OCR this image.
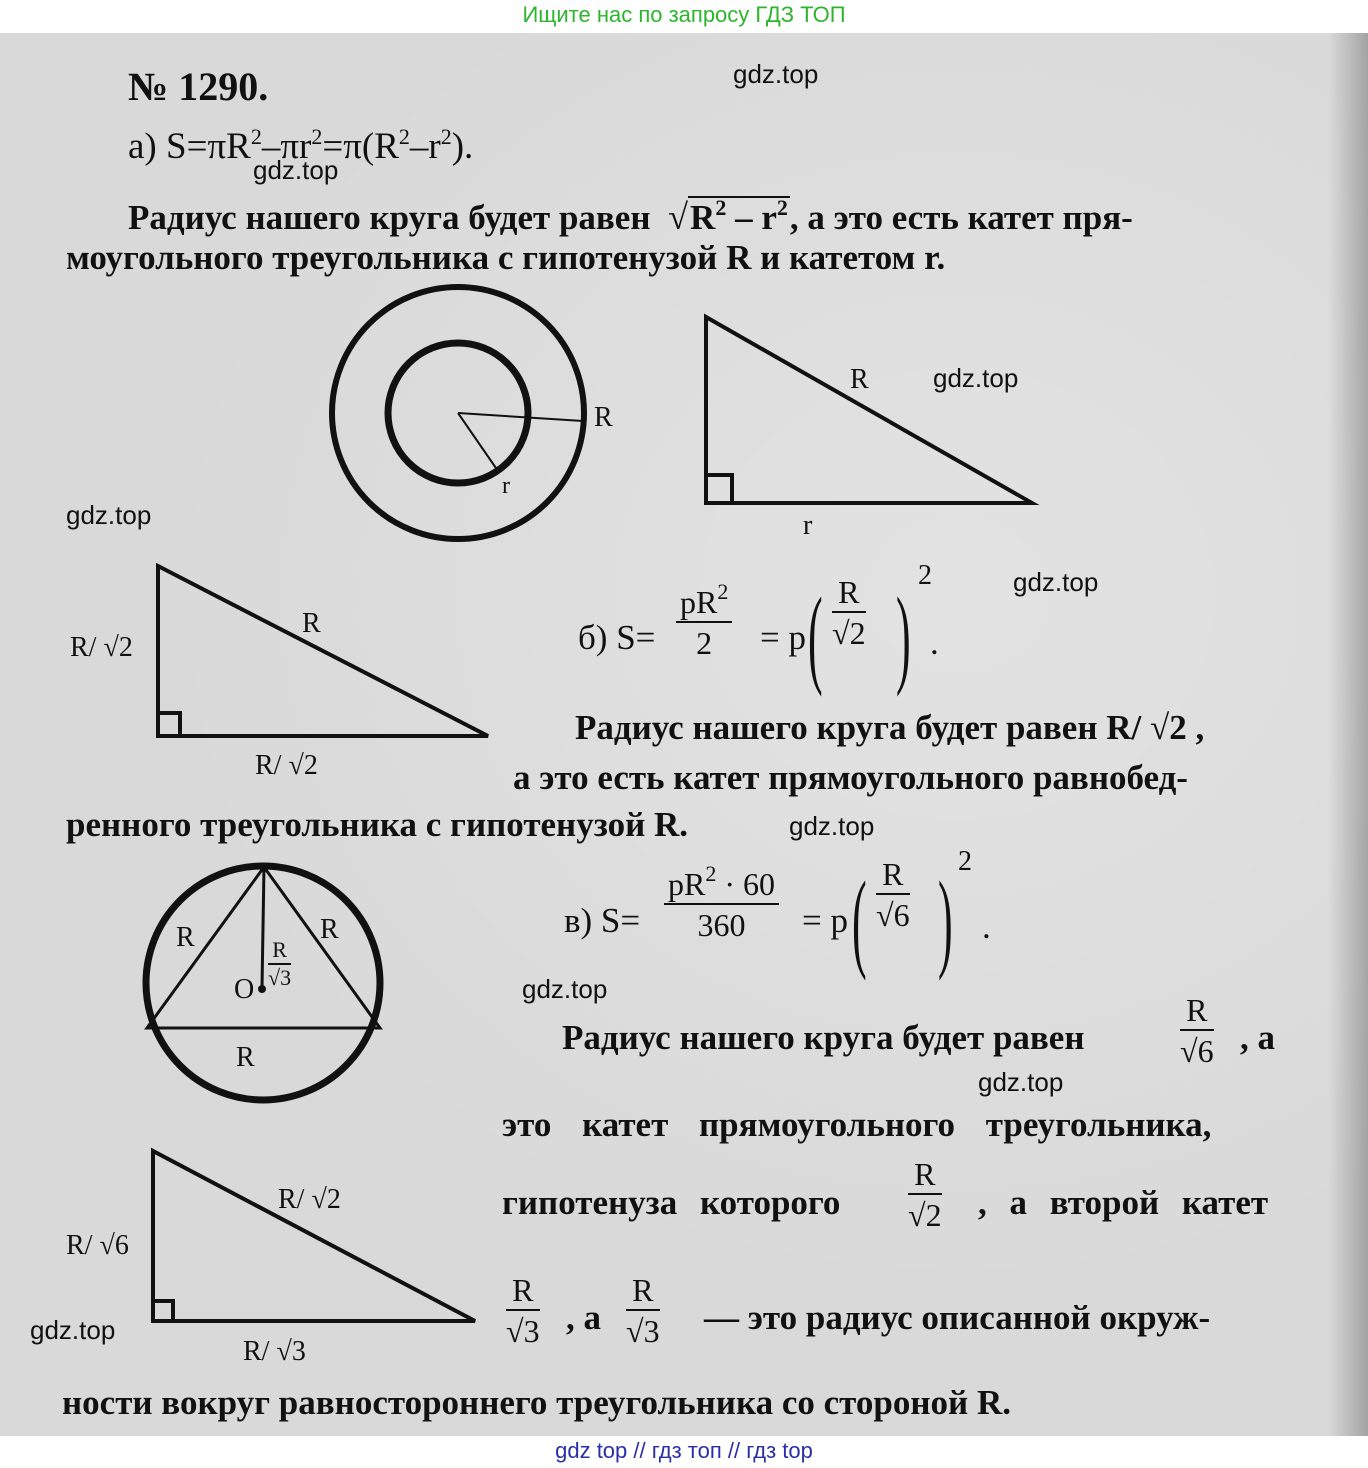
Ищите нас по запросу ГДЗ ТОП
№ 1290.
а) $S=\pi R^2-\pi r^2=\pi(R^2-r^2)$.
Радиус нашего круга будет равен  $√R^2 - r^2$, а это есть катет пря-
моугольного треугольника с гипотенузой R и катетом r.
R
r
R
r
R/ √2
R
R/ √2
б) $S= \frac{pR^2}{2} = p$ ( $\frac{R}{√2}$ ) 2
.
Радиус нашего круга будет равен R/ √2 ,
а это есть катет прямоугольного равнобед-
ренного треугольника с гипотенузой R.
R	R
R
O $\frac{R}{√3}$
в) $S= \frac{pR^2 \cdot 60}{360} = p$ ( $\frac{R}{√6}$ ) 2
.
Радиус нашего круга будет равен	$\frac{R}{√6}$ , а
это катет прямоугольного треугольника,
гипотенуза которого $\frac{R}{√2}$ , а второй катет
$\frac{R}{√3}$ , а $\frac{R}{√3}$ — это радиус описанной окруж-
ности вокруг равностороннего треугольника со стороной R.
R/ √6
R/ √2
R/ √3
gdz.top
gdz.top
gdz.top
gdz.top
gdz.top
gdz.top
gdz.top
gdz.top
gdz.top
gdz top // гдз топ // гдз top
